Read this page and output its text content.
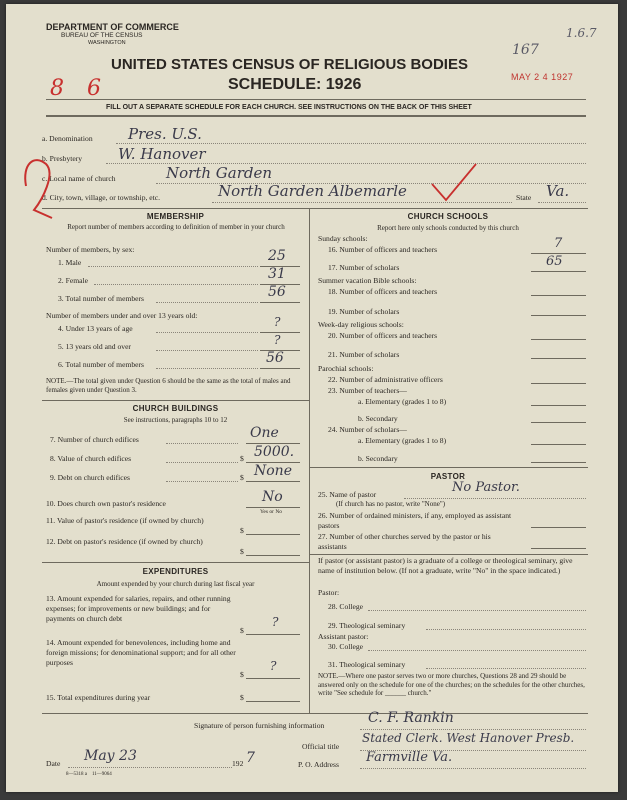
DEPARTMENT OF COMMERCE
BUREAU OF THE CENSUS
WASHINGTON
UNITED STATES CENSUS OF RELIGIOUS BODIES
SCHEDULE: 1926
8 6
1.6.7
167
MAY 2 4 1927
FILL OUT A SEPARATE SCHEDULE FOR EACH CHURCH. SEE INSTRUCTIONS ON THE BACK OF THIS SHEET
a. Denomination Pres. U.S.
b. Presbytery W. Hanover
c. Local name of church	North Garden
d. City, town, village, or township, etc.	North Garden Albemarle	State Va.
MEMBERSHIP
Report number of members according to definition of member in your church
Number of members, by sex:
1. Male	25
2. Female	31
3. Total number of members	56
Number of members under and over 13 years old:
4. Under 13 years of age	?
5. 13 years old and over	?
6. Total number of members	56
NOTE.—The total given under Question 6 should be the same as the total of males and females given under Question 3.
CHURCH BUILDINGS
See instructions, paragraphs 10 to 12
7. Number of church edifices	One
8. Value of church edifices	$ 5000.
9. Debt on church edifices	$ None
10. Does church own pastor's residence	No
Yes or No
11. Value of pastor's residence (if owned by church)
$
12. Debt on pastor's residence (if owned by church)
$
EXPENDITURES
Amount expended by your church during last fiscal year
13. Amount expended for salaries, repairs, and other running expenses; for improvements or new buildings; and for payments on church debt
$
?
14. Amount expended for benevolences, including home and foreign missions; for denominational support; and for all other purposes
$
?
15. Total expenditures during year	$
CHURCH SCHOOLS
Report here only schools conducted by this church
Sunday schools:
16. Number of officers and teachers	7
17. Number of scholars	65
Summer vacation Bible schools:
18. Number of officers and teachers
19. Number of scholars
Week-day religious schools:
20. Number of officers and teachers
21. Number of scholars
Parochial schools:
22. Number of administrative officers
23. Number of teachers—
a. Elementary (grades 1 to 8)
b. Secondary
24. Number of scholars—
a. Elementary (grades 1 to 8)
b. Secondary
PASTOR
25. Name of pastor	No Pastor.
(If church has no pastor, write "None")
26. Number of ordained ministers, if any, employed as assistant pastors
27. Number of other churches served by the pastor or his assistants
If pastor (or assistant pastor) is a graduate of a college or theological seminary, give name of institution below. (If not a graduate, write "No" in the space indicated.)
Pastor:
28. College
29. Theological seminary
Assistant pastor:
30. College
31. Theological seminary
NOTE.—Where one pastor serves two or more churches, Questions 28 and 29 should be answered only on the schedule for one of the churches; on the schedules for the other churches, write "See schedule for ______ church."
Signature of person furnishing information	C. F. Rankin
Official title
Stated Clerk. West Hanover Presb.
Date May 23	192 7	P. O. Address Farmville Va.
8—5318 a    11—9064
